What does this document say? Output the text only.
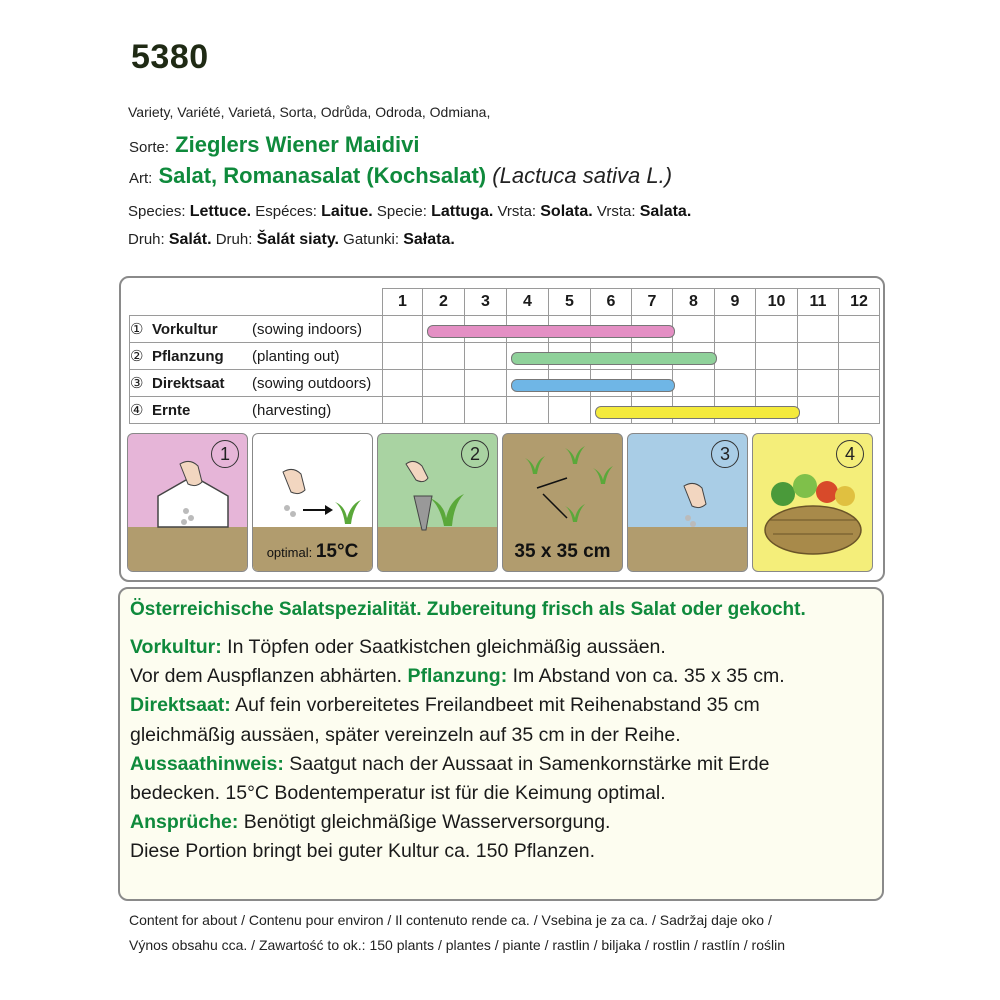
5380
Variety, Variété, Varietá, Sorta, Odrůda, Odroda, Odmiana,
Sorte: Zieglers Wiener Maidivi
Art: Salat, Romanasalat (Kochsalat) (Lactuca sativa L.)
Species: Lettuce. Espéces: Laitue. Specie: Lattuga. Vrsta: Solata. Vrsta: Salata.
Druh: Salát. Druh: Šalát siaty. Gatunki: Sałata.
	1	2	3	4	5	6	7	8	9	10	11	12
① Vorkultur (sowing indoors)												
② Pflanzung (planting out)												
③ Direktsaat (sowing outdoors)												
④ Ernte (harvesting)												
1
optimal: 15°C
2
35 x 35 cm
3	4
Österreichische Salatspezialität. Zubereitung frisch als Salat oder gekocht.

Vorkultur: In Töpfen oder Saatkistchen gleichmäßig aussäen.

Vor dem Auspflanzen abhärten. Pflanzung: Im Abstand von ca. 35 x 35 cm.

Direktsaat: Auf fein vorbereitetes Freilandbeet mit Reihenabstand 35 cm

gleichmäßig aussäen, später vereinzeln auf 35 cm in der Reihe.

Aussaathinweis: Saatgut nach der Aussaat in Samenkornstärke mit Erde

bedecken. 15°C Bodentemperatur ist für die Keimung optimal.

Ansprüche: Benötigt gleichmäßige Wasserversorgung.

Diese Portion bringt bei guter Kultur ca. 150 Pflanzen.

Content for about / Contenu pour environ / Il contenuto rende ca. / Vsebina je za ca. / Sadržaj daje oko /
Výnos obsahu cca. / Zawartość to ok.: 150 plants / plantes / piante / rastlin / biljaka / rostlin / rastlín / roślin
